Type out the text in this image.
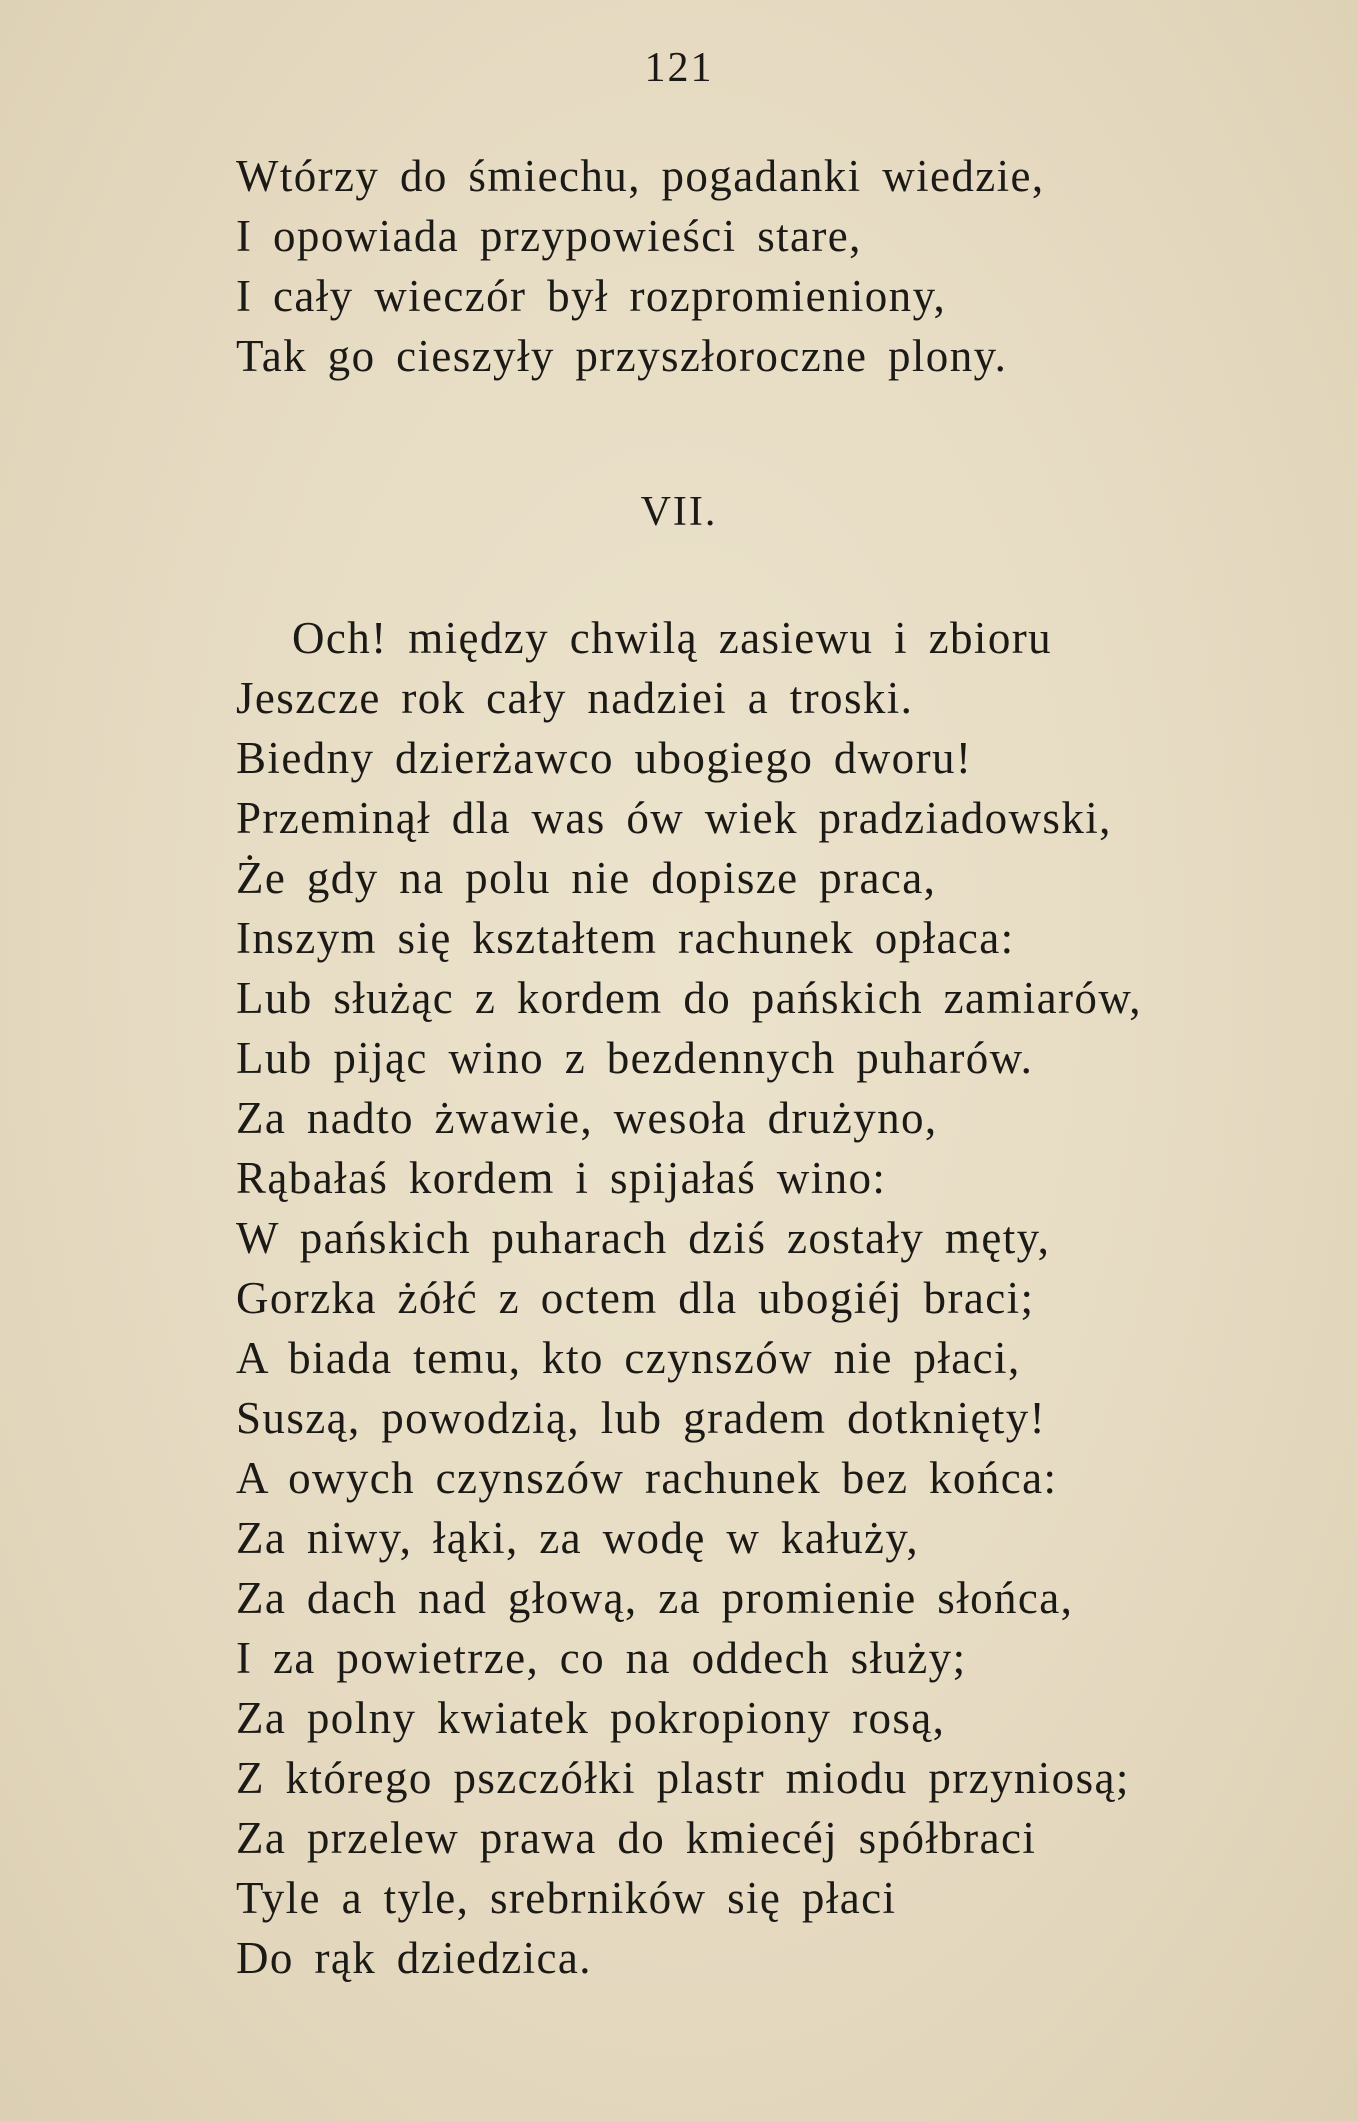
121
Wtórzy do śmiechu, pogadanki wiedzie,
I opowiada przypowieści stare,
I cały wieczór był rozpromieniony,
Tak go cieszyły przyszłoroczne plony.
VII.
Och! między chwilą zasiewu i zbioru
Jeszcze rok cały nadziei a troski.
Biedny dzierżawco ubogiego dworu!
Przeminął dla was ów wiek pradziadowski,
Że gdy na polu nie dopisze praca,
Inszym się kształtem rachunek opłaca:
Lub służąc z kordem do pańskich zamiarów,
Lub pijąc wino z bezdennych puharów.
Za nadto żwawie, wesoła drużyno,
Rąbałaś kordem i spijałaś wino:
W pańskich puharach dziś zostały męty,
Gorzka żółć z octem dla ubogiéj braci;
A biada temu, kto czynszów nie płaci,
Suszą, powodzią, lub gradem dotknięty!
A owych czynszów rachunek bez końca:
Za niwy, łąki, za wodę w kałuży,
Za dach nad głową, za promienie słońca,
I za powietrze, co na oddech służy;
Za polny kwiatek pokropiony rosą,
Z którego pszczółki plastr miodu przyniosą;
Za przelew prawa do kmiecéj spółbraci
Tyle a tyle, srebrników się płaci
Do rąk dziedzica.
